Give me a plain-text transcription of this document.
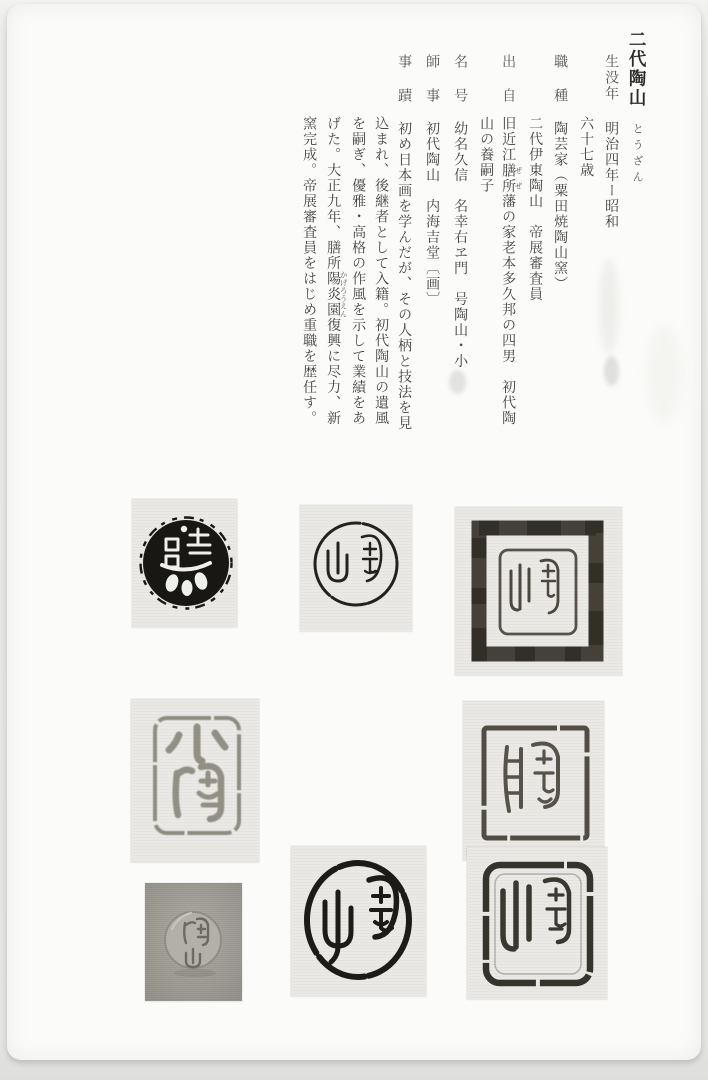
二代陶山 とうざん
生没年 明治四年ー昭和
六十七歳
職種 陶芸家（粟田焼陶山窯）
二代伊東陶山　帝展審査員
出自旧近江膳所 ぜぜ藩の家老本多久邦の四男　初代陶
山の養嗣子
名号 幼名久信　名幸右ヱ門　号陶山・小
師事 初代陶山　内海吉堂〔画〕
事蹟 初め日本画を学んだが、その人柄と技法を見
込まれ、後継者として入籍。初代陶山の遺風
を嗣ぎ、優雅・高格の作風を示して業績をあ
げた。大正九年、膳所陽炎園 かげろうえん復興に尽力、新
窯完成。帝展審査員をはじめ重職を歴任す。
